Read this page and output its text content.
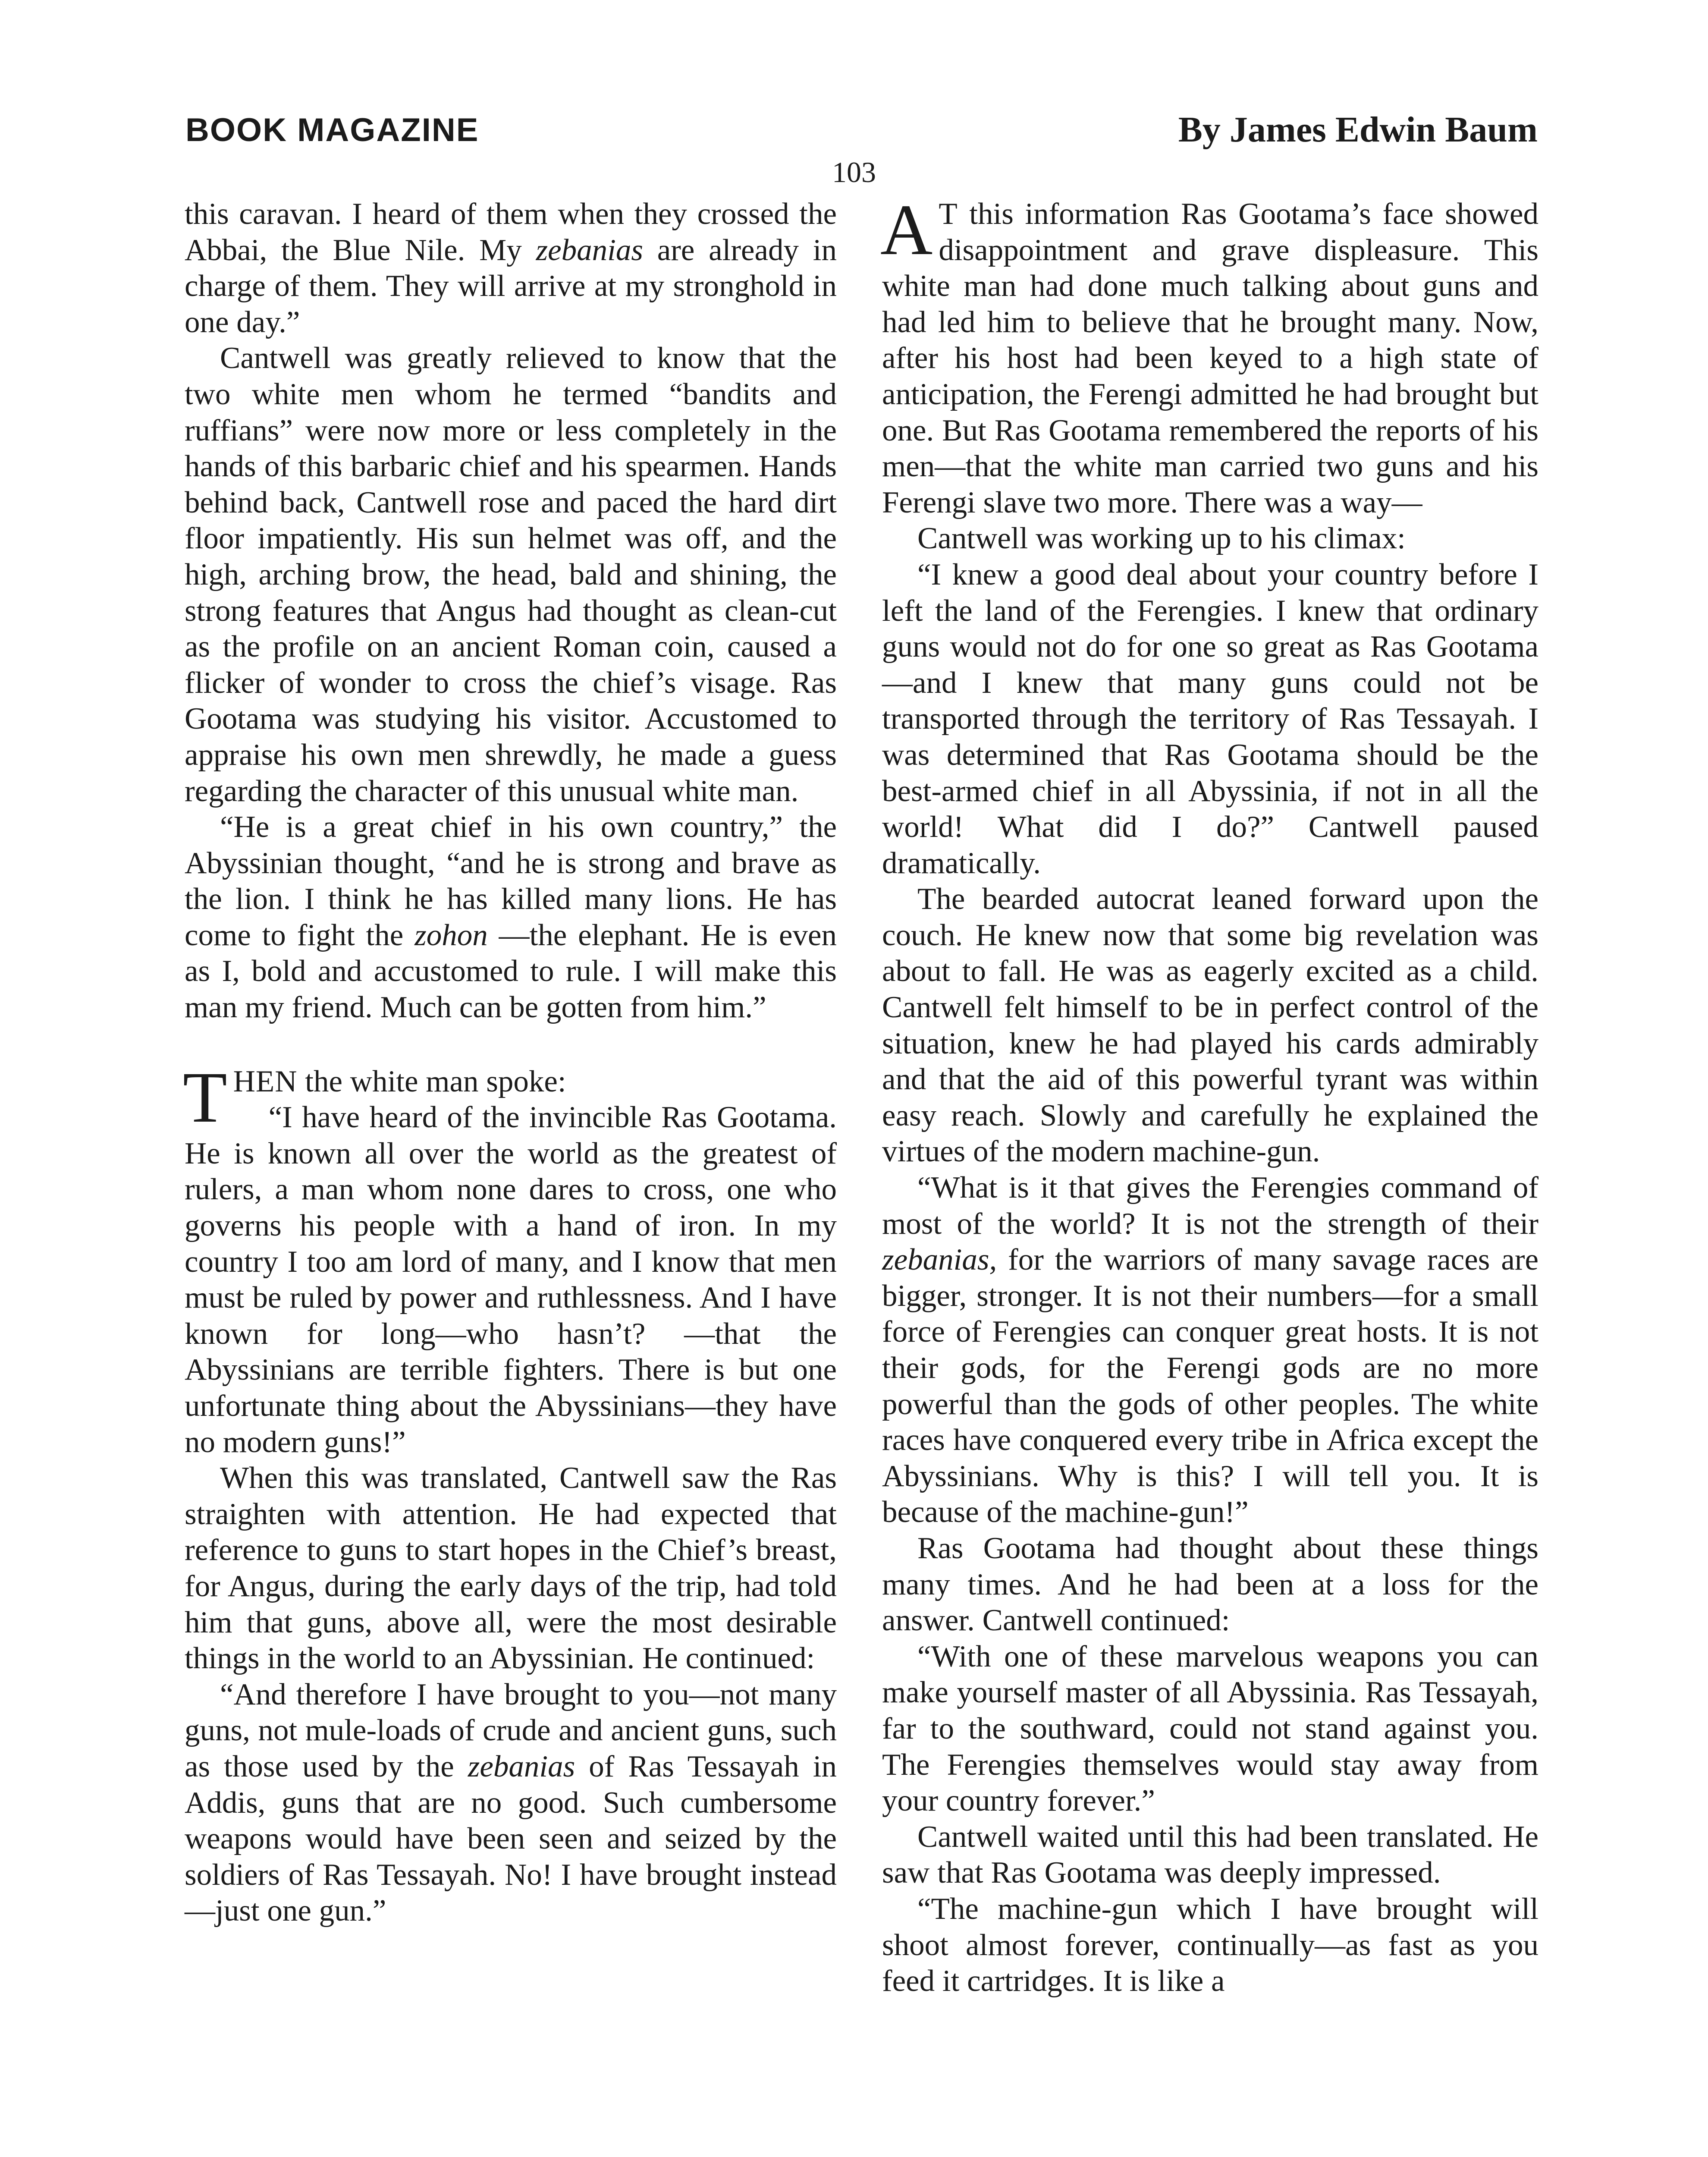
BOOK MAGAZINE	By James Edwin Baum
103

this caravan. I heard of them when they crossed the Abbai, the Blue Nile. My zebanias are already in charge of them. They will arrive at my stronghold in one day.”

Cantwell was greatly relieved to know that the two white men whom he termed “bandits and ruffians” were now more or less completely in the hands of this barbaric chief and his spearmen. Hands behind back, Cantwell rose and paced the hard dirt floor impatiently. His sun helmet was off, and the high, arching brow, the head, bald and shining, the strong features that Angus had thought as clean-cut as the profile on an ancient Roman coin, caused a flicker of wonder to cross the chief’s visage. Ras Gootama was studying his visitor. Accustomed to appraise his own men shrewdly, he made a guess regarding the character of this unusual white man.

“He is a great chief in his own country,” the Abyssinian thought, “and he is strong and brave as the lion. I think he has killed many lions. He has come to fight the zohon —the elephant. He is even as I, bold and accustomed to rule. I will make this man my friend. Much can be gotten from him.”

THEN the white man spoke:

“I have heard of the invincible Ras Gootama. He is known all over the world as the greatest of rulers, a man whom none dares to cross, one who governs his people with a hand of iron. In my country I too am lord of many, and I know that men must be ruled by power and ruthlessness. And I have known for long—who hasn’t? —that the Abyssinians are terrible fighters. There is but one unfortunate thing about the Abyssinians—they have no modern guns!”

When this was translated, Cantwell saw the Ras straighten with attention. He had expected that reference to guns to start hopes in the Chief’s breast, for Angus, during the early days of the trip, had told him that guns, above all, were the most desirable things in the world to an Abyssinian. He continued:

“And therefore I have brought to you—not many guns, not mule-loads of crude and ancient guns, such as those used by the zebanias of Ras Tessayah in Addis, guns that are no good. Such cumbersome weapons would have been seen and seized by the soldiers of Ras Tessayah. No! I have brought instead—just one gun.”

A T this information Ras Gootama’s face showed disappointment and grave displeasure. This white man had done much talking about guns and had led him to believe that he brought many. Now, after his host had been keyed to a high state of anticipation, the Ferengi admitted he had brought but one. But Ras Gootama remembered the reports of his men—that the white man carried two guns and his Ferengi slave two more. There was a way—

Cantwell was working up to his climax:

“I knew a good deal about your country before I left the land of the Ferengies. I knew that ordinary guns would not do for one so great as Ras Gootama—and I knew that many guns could not be transported through the territory of Ras Tessayah. I was determined that Ras Gootama should be the best-armed chief in all Abyssinia, if not in all the world! What did I do?” Cantwell paused dramatically.

The bearded autocrat leaned forward upon the couch. He knew now that some big revelation was about to fall. He was as eagerly excited as a child. Cantwell felt himself to be in perfect control of the situation, knew he had played his cards admirably and that the aid of this powerful tyrant was within easy reach. Slowly and carefully he explained the virtues of the modern machine-gun.

“What is it that gives the Ferengies command of most of the world? It is not the strength of their zebanias, for the warriors of many savage races are bigger, stronger. It is not their numbers—for a small force of Ferengies can conquer great hosts. It is not their gods, for the Ferengi gods are no more powerful than the gods of other peoples. The white races have conquered every tribe in Africa except the Abyssinians. Why is this? I will tell you. It is because of the machine-gun!”

Ras Gootama had thought about these things many times. And he had been at a loss for the answer. Cantwell continued:

“With one of these marvelous weapons you can make yourself master of all Abyssinia. Ras Tessayah, far to the southward, could not stand against you. The Ferengies themselves would stay away from your country forever.”

Cantwell waited until this had been translated. He saw that Ras Gootama was deeply impressed.

“The machine-gun which I have brought will shoot almost forever, continually—as fast as you feed it cartridges. It is like a
